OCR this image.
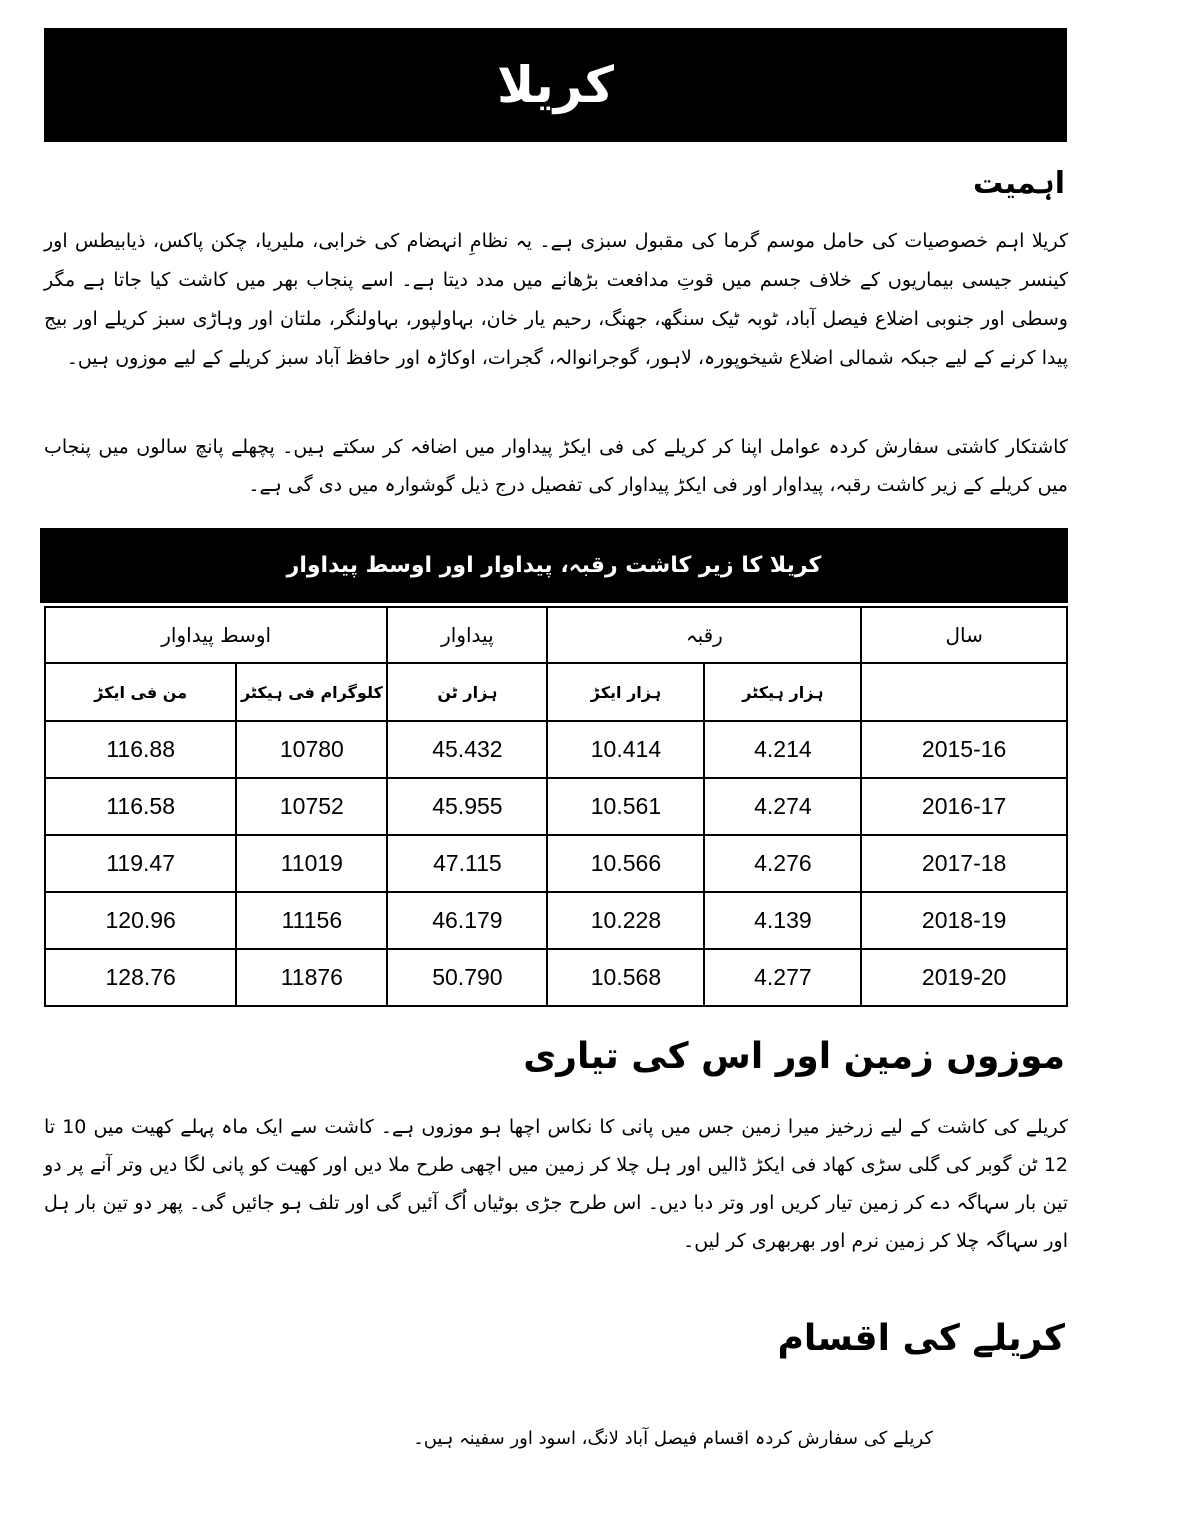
کریلا
اہمیت

کریلا اہم خصوصیات کی حامل موسم گرما کی مقبول سبزی ہے۔ یہ نظامِ انہضام کی خرابی، ملیریا، چکن پاکس، ذیابیطس اور کینسر جیسی بیماریوں کے خلاف جسم میں قوتِ مدافعت بڑھانے میں مدد دیتا ہے۔ اسے پنجاب بھر میں کاشت کیا جاتا ہے مگر وسطی اور جنوبی اضلاع فیصل آباد، ٹوبہ ٹیک سنگھ، جھنگ، رحیم یار خان، بہاولپور، بہاولنگر، ملتان اور وہاڑی سبز کریلے اور بیج پیدا کرنے کے لیے جبکہ شمالی اضلاع شیخوپورہ، لاہور، گوجرانوالہ، گجرات، اوکاڑہ اور حافظ آباد سبز کریلے کے لیے موزوں ہیں۔

کاشتکار کاشتی سفارش کردہ عوامل اپنا کر کریلے کی فی ایکڑ پیداوار میں اضافہ کر سکتے ہیں۔ پچھلے پانچ سالوں میں پنجاب میں کریلے کے زیر کاشت رقبہ، پیداوار اور فی ایکڑ پیداوار کی تفصیل درج ذیل گوشوارہ میں دی گی ہے۔

کریلا کا زیر کاشت رقبہ، پیداوار اور اوسط پیداوار
سال	رقبہ		پیداوار	اوسط پیداوار	
	ہزار ہیکٹر	ہزار ایکڑ	ہزار ٹن	کلوگرام فی ہیکٹر	من فی ایکڑ
2015-16	4.214	10.414	45.432	10780	116.88
2016-17	4.274	10.561	45.955	10752	116.58
2017-18	4.276	10.566	47.115	11019	119.47
2018-19	4.139	10.228	46.179	11156	120.96
2019-20	4.277	10.568	50.790	11876	128.76
موزوں زمین اور اس کی تیاری

کریلے کی کاشت کے لیے زرخیز میرا زمین جس میں پانی کا نکاس اچھا ہو موزوں ہے۔ کاشت سے ایک ماہ پہلے کھیت میں 10 تا 12 ٹن گوبر کی گلی سڑی کھاد فی ایکڑ ڈالیں اور ہل چلا کر زمین میں اچھی طرح ملا دیں اور کھیت کو پانی لگا دیں وتر آنے پر دو تین بار سہاگہ دے کر زمین تیار کریں اور وتر دبا دیں۔ اس طرح جڑی بوٹیاں اُگ آئیں گی اور تلف ہو جائیں گی۔ پھر دو تین بار ہل اور سہاگہ چلا کر زمین نرم اور بھربھری کر لیں۔

کریلے کی اقسام

کریلے کی سفارش کردہ اقسام فیصل آباد لانگ، اسود اور سفینہ ہیں۔
